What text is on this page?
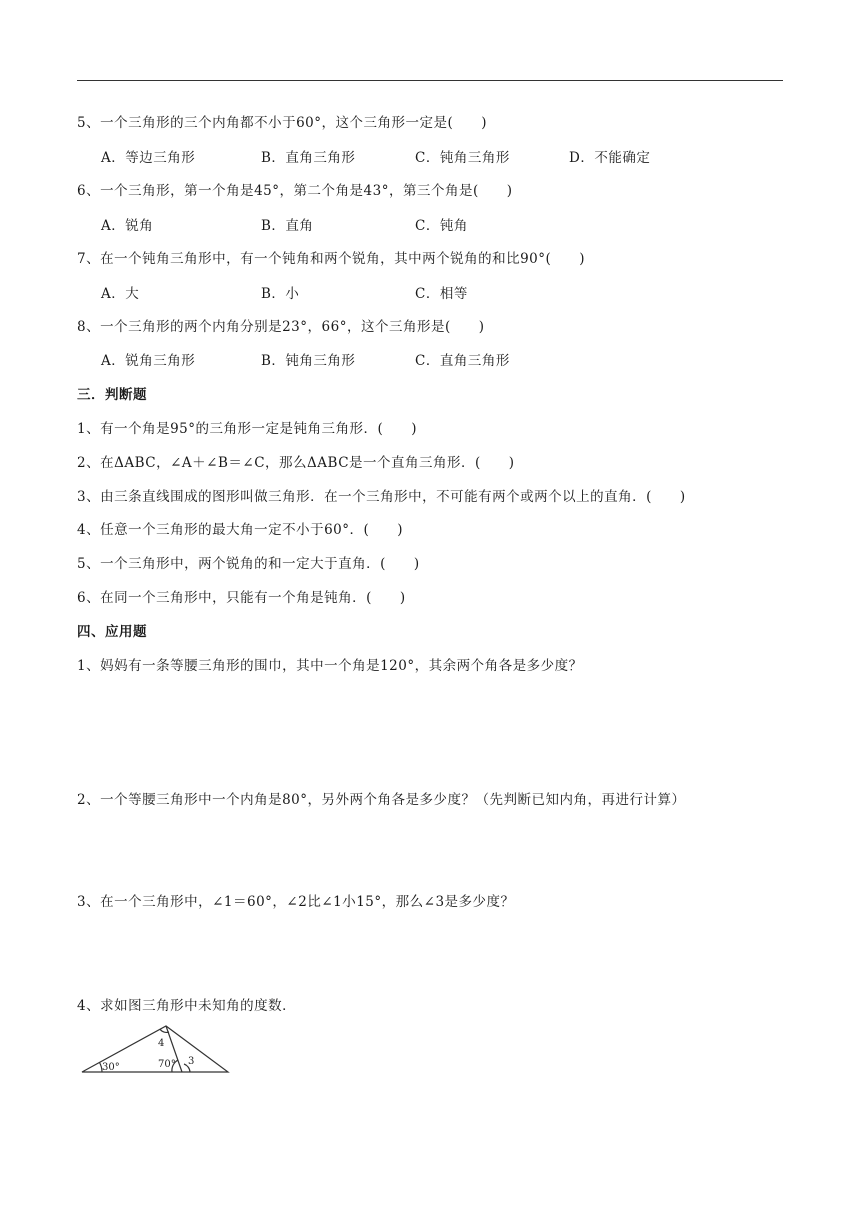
5、一个三角形的三个内角都不小于60°，这个三角形一定是(　　)
A．等边三角形	B．直角三角形	C．钝角三角形	D．不能确定
6、一个三角形，第一个角是45°，第二个角是43°，第三个角是(　　)
A．锐角	B．直角	C．钝角
7、在一个钝角三角形中，有一个钝角和两个锐角，其中两个锐角的和比90°(　　)
A．大	B．小	C．相等
8、一个三角形的两个内角分别是23°，66°，这个三角形是(　　)
A．锐角三角形	B．钝角三角形	C．直角三角形
三．判断题
1、有一个角是95°的三角形一定是钝角三角形．(　　)
2、在ΔABC，∠A＋∠B＝∠C，那么ΔABC是一个直角三角形．(　　)
3、由三条直线围成的图形叫做三角形．在一个三角形中，不可能有两个或两个以上的直角．(　　)
4、任意一个三角形的最大角一定不小于60°．(　　)
5、一个三角形中，两个锐角的和一定大于直角．(　　)
6、在同一个三角形中，只能有一个角是钝角．(　　)
四、应用题
1、妈妈有一条等腰三角形的围巾，其中一个角是120°，其余两个角各是多少度？
2、一个等腰三角形中一个内角是80°，另外两个角各是多少度？（先判断已知内角，再进行计算）
3、在一个三角形中，∠1＝60°，∠2比∠1小15°，那么∠3是多少度？
4、求如图三角形中未知角的度数．
30°
4
70° 3
